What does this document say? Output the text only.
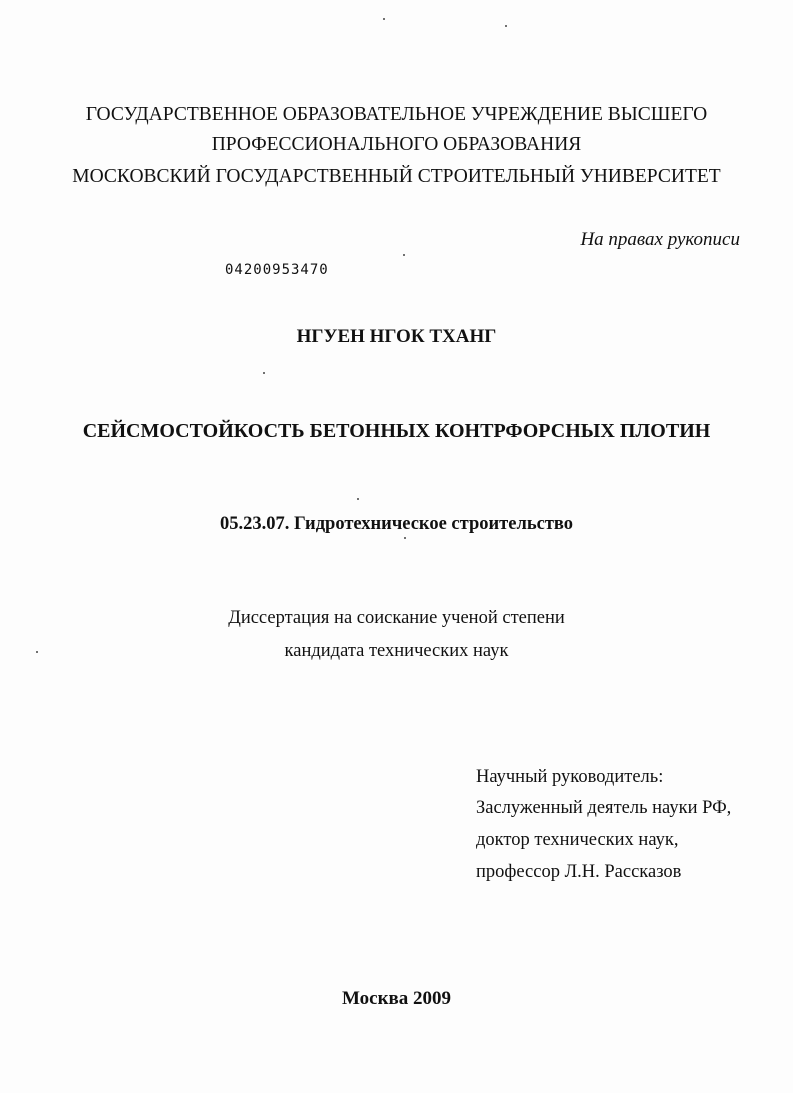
ГОСУДАРСТВЕННОЕ ОБРАЗОВАТЕЛЬНОЕ УЧРЕЖДЕНИЕ ВЫСШЕГО
ПРОФЕССИОНАЛЬНОГО ОБРАЗОВАНИЯ
МОСКОВСКИЙ ГОСУДАРСТВЕННЫЙ СТРОИТЕЛЬНЫЙ УНИВЕРСИТЕТ
На правах рукописи
04200953470
НГУЕН НГОК ТХАНГ
СЕЙСМОСТОЙКОСТЬ БЕТОННЫХ КОНТРФОРСНЫХ ПЛОТИН
05.23.07. Гидротехническое строительство
Диссертация на соискание ученой степени
кандидата технических наук
Научный руководитель:
Заслуженный деятель науки РФ,
доктор технических наук,
профессор Л.Н. Рассказов
Москва 2009
